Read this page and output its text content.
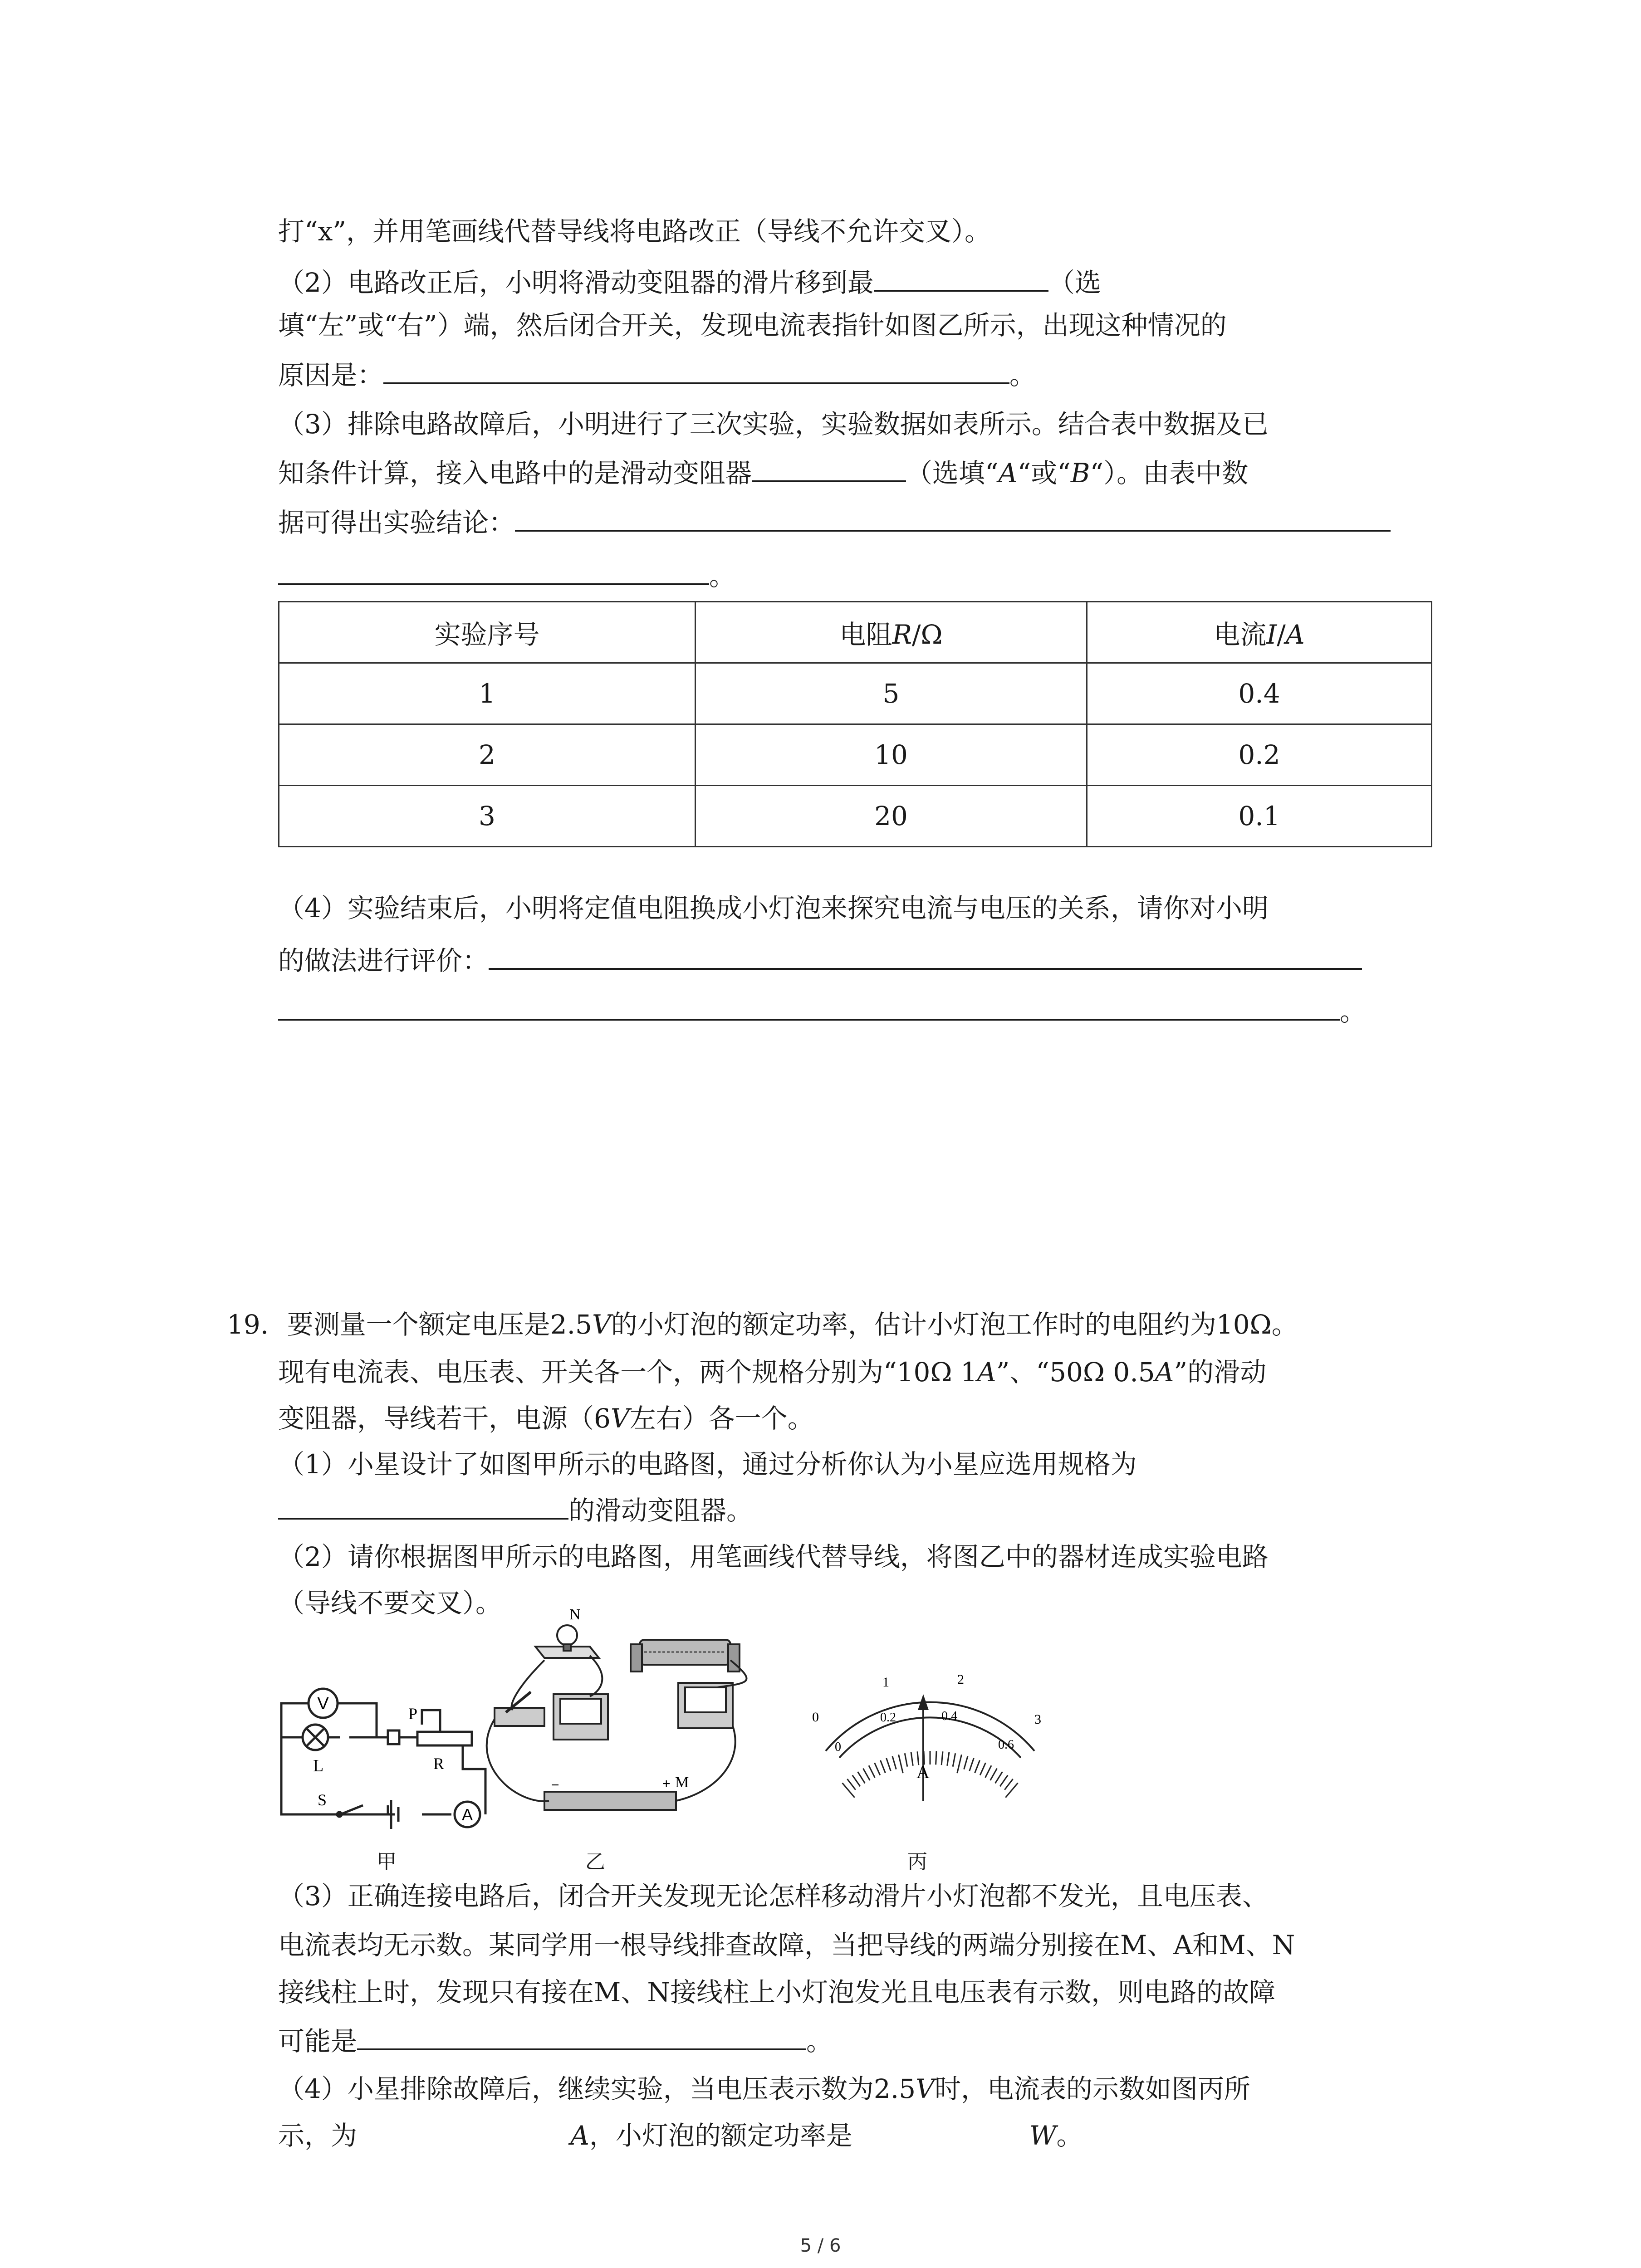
打“x”，并用笔画线代替导线将电路改正（导线不允许交叉）。
（2）电路改正后，小明将滑动变阻器的滑片移到最	（选
填“左”或“右”）端，然后闭合开关，发现电流表指针如图乙所示，出现这种情况的
原因是：	。
（3）排除电路故障后，小明进行了三次实验，实验数据如表所示。结合表中数据及已
知条件计算，接入电路中的是滑动变阻器	（选填“A“或“B“）。由表中数
据可得出实验结论：
。
实验序号	电阻R/Ω	电流I/A
1	5	0.4
2	10	0.2
3	20	0.1
（4）实验结束后，小明将定值电阻换成小灯泡来探究电流与电压的关系，请你对小明
的做法进行评价：
。
19. 要测量一个额定电压是2.5V的小灯泡的额定功率，估计小灯泡工作时的电阻约为10Ω。
现有电流表、电压表、开关各一个，两个规格分别为“10Ω 1A”、“50Ω 0.5A”的滑动
变阻器，导线若干，电源（6V左右）各一个。
（1）小星设计了如图甲所示的电路图，通过分析你认为小星应选用规格为
的滑动变阻器。
（2）请你根据图甲所示的电路图，用笔画线代替导线，将图乙中的器材连成实验电路
（导线不要交叉）。
V
L
P
R
S
A
甲
N
M
−	+
乙
0
1	2
3
0
0.2	0.4
0.6
A
丙
（3）正确连接电路后，闭合开关发现无论怎样移动滑片小灯泡都不发光，且电压表、
电流表均无示数。某同学用一根导线排查故障，当把导线的两端分别接在M、A和M、N
接线柱上时，发现只有接在M、N接线柱上小灯泡发光且电压表有示数，则电路的故障
可能是	。
（4）小星排除故障后，继续实验，当电压表示数为2.5V时，电流表的示数如图丙所
示，为	A，小灯泡的额定功率是	W。
5 / 6
